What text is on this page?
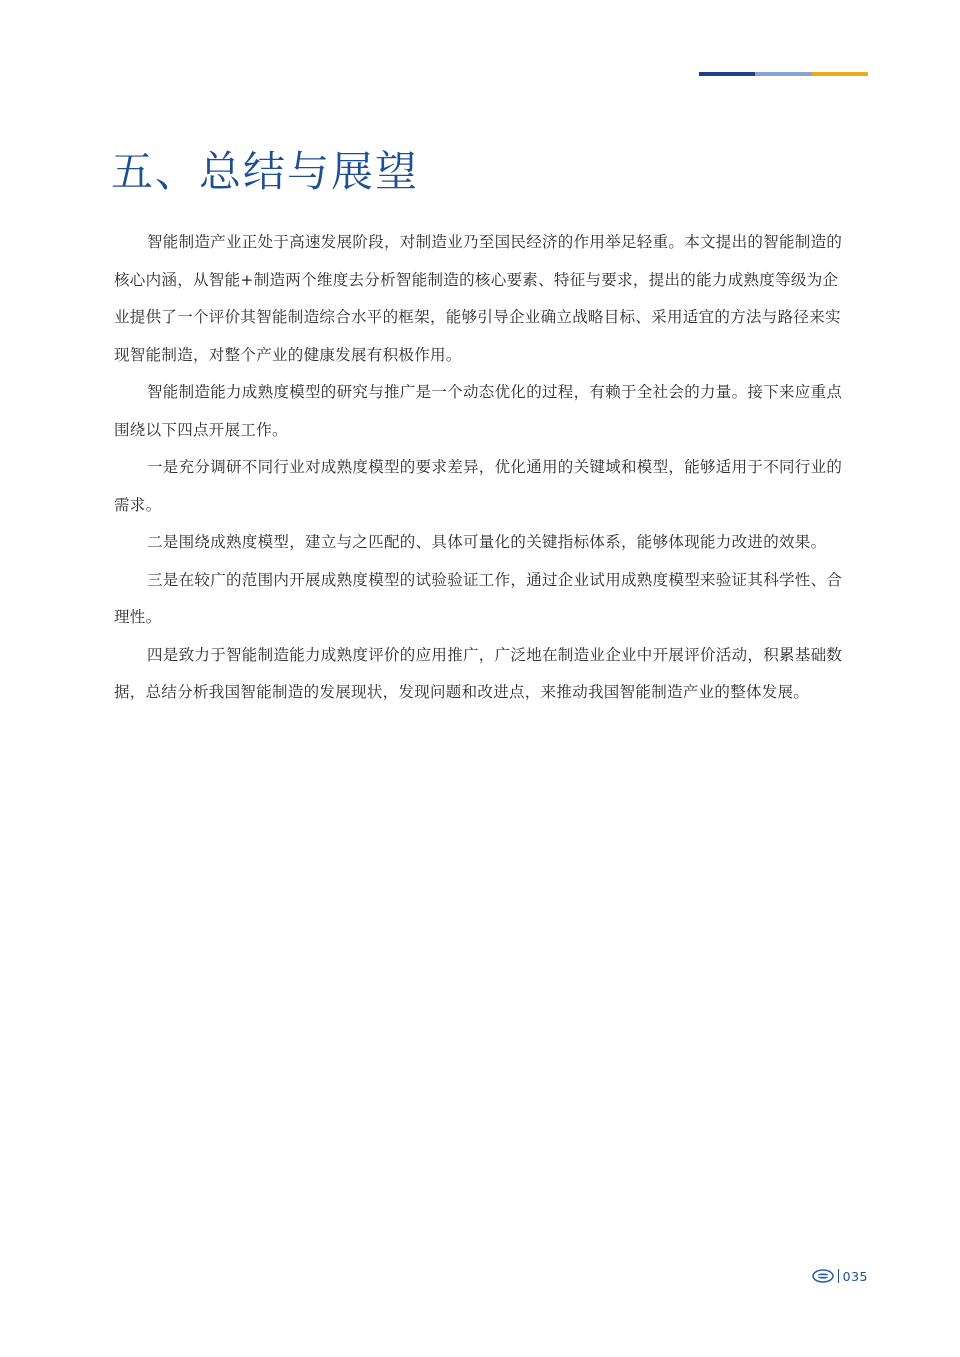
五、总结与展望

智能制造产业正处于高速发展阶段，对制造业乃至国民经济的作用举足轻重。本文提出的智能制造的核心内涵，从智能+制造两个维度去分析智能制造的核心要素、特征与要求，提出的能力成熟度等级为企业提供了一个评价其智能制造综合水平的框架，能够引导企业确立战略目标、采用适宜的方法与路径来实现智能制造，对整个产业的健康发展有积极作用。

智能制造能力成熟度模型的研究与推广是一个动态优化的过程，有赖于全社会的力量。接下来应重点围绕以下四点开展工作。

一是充分调研不同行业对成熟度模型的要求差异，优化通用的关键域和模型，能够适用于不同行业的需求。

二是围绕成熟度模型，建立与之匹配的、具体可量化的关键指标体系，能够体现能力改进的效果。

三是在较广的范围内开展成熟度模型的试验验证工作，通过企业试用成熟度模型来验证其科学性、合理性。

四是致力于智能制造能力成熟度评价的应用推广，广泛地在制造业企业中开展评价活动，积累基础数据，总结分析我国智能制造的发展现状，发现问题和改进点，来推动我国智能制造产业的整体发展。

035
